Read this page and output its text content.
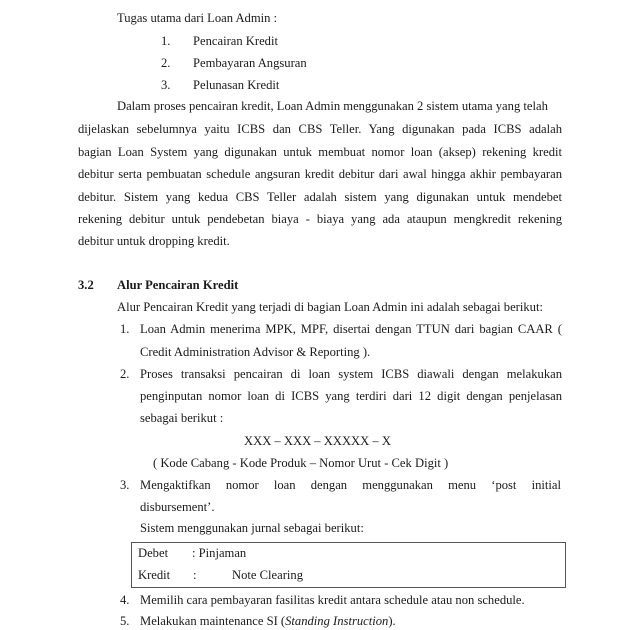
Tugas utama dari Loan Admin :
1. Pencairan Kredit
2. Pembayaran Angsuran
3. Pelunasan Kredit
Dalam proses pencairan kredit, Loan Admin menggunakan 2 sistem utama yang telah
dijelaskan sebelumnya yaitu ICBS dan CBS Teller. Yang digunakan pada ICBS adalah
bagian Loan System yang digunakan untuk membuat nomor loan (aksep) rekening kredit
debitur serta pembuatan schedule angsuran kredit debitur dari awal hingga akhir pembayaran
debitur. Sistem yang kedua CBS Teller adalah sistem yang digunakan untuk mendebet
rekening debitur untuk pendebetan biaya - biaya yang ada ataupun mengkredit rekening
debitur untuk dropping kredit.
3.2 Alur Pencairan Kredit
Alur Pencairan Kredit yang terjadi di bagian Loan Admin ini adalah sebagai berikut:
1. Loan Admin menerima MPK, MPF, disertai dengan TTUN dari bagian CAAR (
Credit Administration Advisor & Reporting ).
2. Proses transaksi pencairan di loan system ICBS diawali dengan melakukan
penginputan nomor loan di ICBS yang terdiri dari 12 digit dengan penjelasan
sebagai berikut :
XXX – XXX – XXXXX – X
( Kode Cabang - Kode Produk – Nomor Urut - Cek Digit )
3. Mengaktifkan nomor loan dengan menggunakan menu ‘post initial
disbursement’.
Sistem menggunakan jurnal sebagai berikut:
Debet : Pinjaman
Kredit :	Note Clearing
4. Memilih cara pembayaran fasilitas kredit antara schedule atau non schedule.
5. Melakukan maintenance SI (Standing Instruction).
